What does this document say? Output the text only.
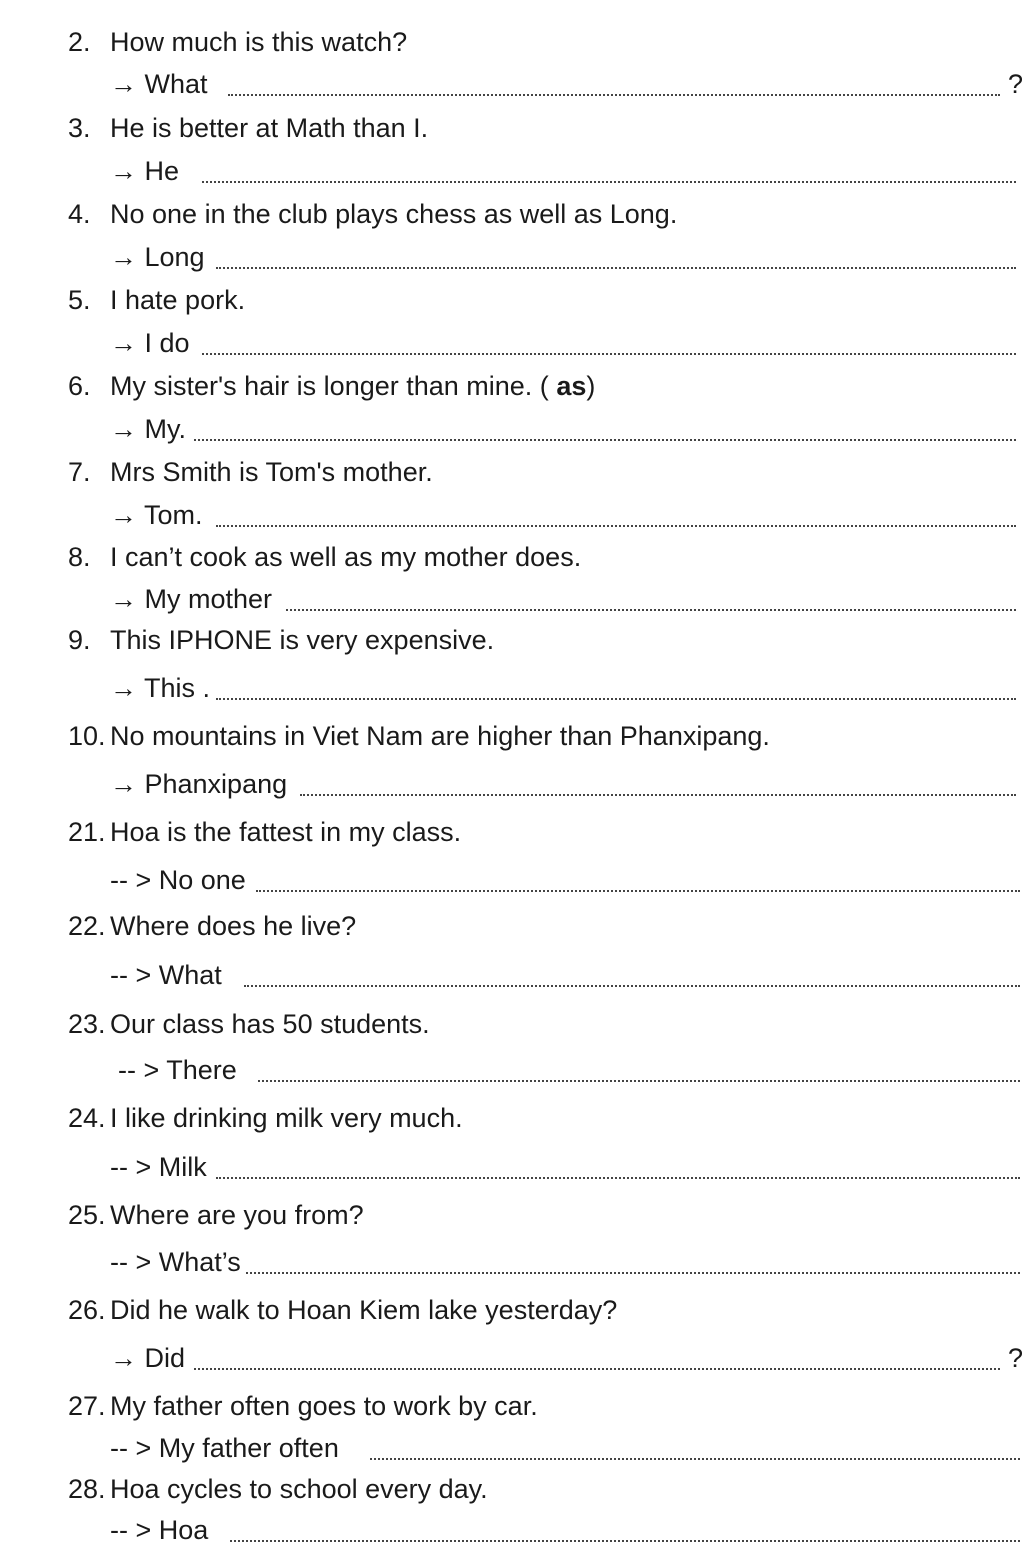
2. How much is this watch?
→ What	?
3. He is better at Math than I.
→ He
4. No one in the club plays chess as well as Long.
→ Long
5. I hate pork.
→ I do
6. My sister's hair is longer than mine. ( as)
→ My.
7. Mrs Smith is Tom's mother.
→ Tom.
8. I can’t cook as well as my mother does.
→ My mother
9. This IPHONE is very expensive.
→ This .
10. No mountains in Viet Nam are higher than Phanxipang.
→ Phanxipang
21. Hoa is the fattest in my class.
-- > No one
22. Where does he live?
-- > What
23. Our class has 50 students.
-- > There
24. I like drinking milk very much.
-- > Milk
25. Where are you from?
-- > What’s
26. Did he walk to Hoan Kiem lake yesterday?
→ Did	?
27. My father often goes to work by car.
-- > My father often
28. Hoa cycles to school every day.
-- > Hoa
